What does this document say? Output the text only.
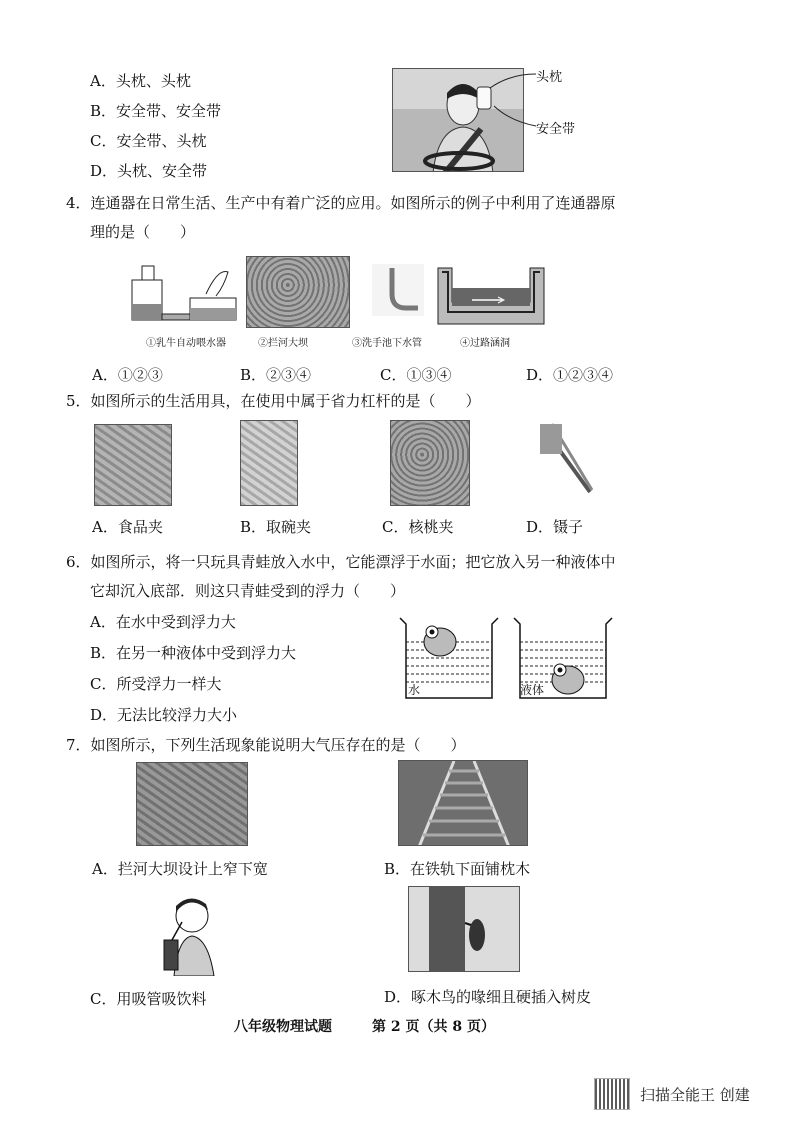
A．头枕、头枕
B．安全带、安全带
C．安全带、头枕
D．头枕、安全带
头枕
安全带
4．连通器在日常生活、生产中有着广泛的应用。如图所示的例子中利用了连通器原
理的是（　　）
①乳牛自动喂水器	②拦河大坝	③洗手池下水管	④过路涵洞
A．①②③	B．②③④	C．①③④	D．①②③④
5．如图所示的生活用具，在使用中属于省力杠杆的是（　　）
A．食品夹	B．取碗夹	C．核桃夹	D．镊子
6．如图所示，将一只玩具青蛙放入水中，它能漂浮于水面；把它放入另一种液体中
它却沉入底部．则这只青蛙受到的浮力（　　）
A．在水中受到浮力大
B．在另一种液体中受到浮力大
C．所受浮力一样大
D．无法比较浮力大小
水	液体
7．如图所示，下列生活现象能说明大气压存在的是（　　）
A．拦河大坝设计上窄下宽	B．在铁轨下面铺枕木
C．用吸管吸饮料	D．啄木鸟的喙细且硬插入树皮
八年级物理试题	第 2 页（共 8 页）
扫描全能王 创建
